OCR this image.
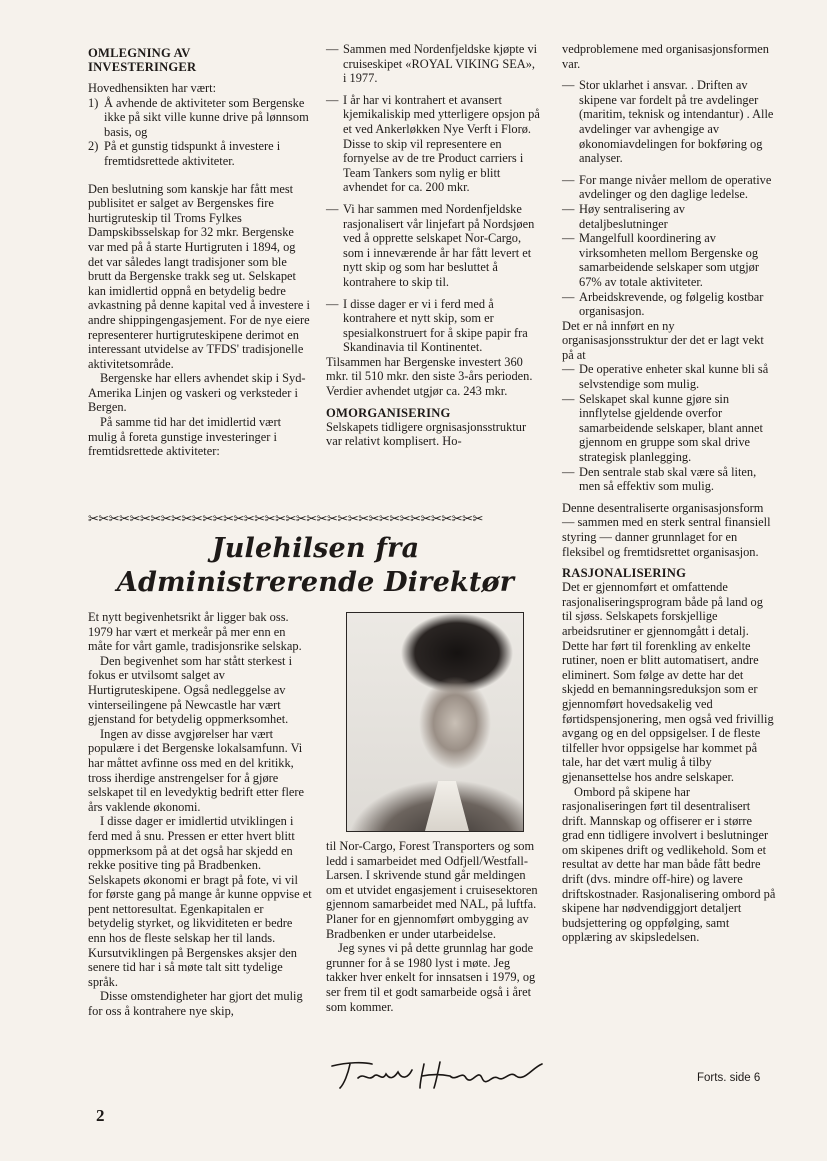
OMLEGNING AV

INVESTERINGER

Hovedhensikten har vært:

1) Å avhende de aktiviteter som Bergenske ikke på sikt ville kunne drive på lønnsom basis, og
2) På et gunstig tidspunkt å investere i fremtidsrettede aktiviteter.

Den beslutning som kanskje har fått mest publisitet er salget av Bergenskes fire hurtigruteskip til Troms Fylkes Dampskibsselskap for 32 mkr. Bergenske var med på å starte Hurtigruten i 1894, og det var således langt tradisjoner som ble brutt da Bergenske trakk seg ut. Selskapet kan imidlertid oppnå en betydelig bedre avkastning på denne kapital ved å investere i andre shippingengasjement. For de nye eiere representerer hurtigruteskipene derimot en interessant utvidelse av TFDS' tradisjonelle aktivitetsområde.

Bergenske har ellers avhendet skip i Syd-Amerika Linjen og vaskeri og verksteder i Bergen.

På samme tid har det imidlertid vært mulig å foreta gunstige investeringer i fremtidsrettede aktiviteter:

— Sammen med Nordenfjeldske kjøpte vi cruiseskipet «ROYAL VIKING SEA», i 1977.
— I år har vi kontrahert et avansert kjemikaliskip med ytterligere opsjon på et ved Ankerløkken Nye Verft i Florø. Disse to skip vil representere en fornyelse av de tre Product carriers i Team Tankers som nylig er blitt avhendet for ca. 200 mkr.
— Vi har sammen med Nordenfjeldske rasjonalisert vår linjefart på Nordsjøen ved å opprette selskapet Nor-Cargo, som i inneværende år har fått levert et nytt skip og som har besluttet å kontrahere to skip til.
— I disse dager er vi i ferd med å kontrahere et nytt skip, som er spesialkonstruert for å skipe papir fra Skandinavia til Kontinentet.

Tilsammen har Bergenske investert 360 mkr. til 510 mkr. den siste 3-års perioden. Verdier avhendet utgjør ca. 243 mkr.

OMORGANISERING

Selskapets tidligere orgnisasjonsstruktur var relativt komplisert. Ho-

vedproblemene med organisasjonsformen var.

— Stor uklarhet i ansvar. . Driften av skipene var fordelt på tre avdelinger (maritim, teknisk og intendantur) . Alle avdelinger var avhengige av økonomiavdelingen for bokføring og analyser.
— For mange nivåer mellom de operative avdelinger og den daglige ledelse.
— Høy sentralisering av detaljbeslutninger
— Mangelfull koordinering av virksomheten mellom Bergenske og samarbeidende selskaper som utgjør 67% av totale aktiviteter.
— Arbeidskrevende, og følgelig kostbar organisasjon.

Det er nå innført en ny organisasjonsstruktur der det er lagt vekt på at

— De operative enheter skal kunne bli så selvstendige som mulig.
— Selskapet skal kunne gjøre sin innflytelse gjeldende overfor samarbeidende selskaper, blant annet gjennom en gruppe som skal drive strategisk planlegging.
— Den sentrale stab skal være så liten, men så effektiv som mulig.

Denne desentraliserte organisasjonsform — sammen med en sterk sentral finansiell styring — danner grunnlaget for en fleksibel og fremtidsrettet organisasjon.

RASJONALISERING

Det er gjennomført et omfattende rasjonaliseringsprogram både på land og til sjøss. Selskapets forskjellige arbeidsrutiner er gjennomgått i detalj. Dette har ført til forenkling av enkelte rutiner, noen er blitt automatisert, andre eliminert. Som følge av dette har det skjedd en bemanningsreduksjon som er gjennomført hovedsakelig ved førtidspensjonering, men også ved frivillig avgang og en del oppsigelser. I de fleste tilfeller hvor oppsigelse har kommet på tale, har det vært mulig å tilby gjenansettelse hos andre selskaper.

Ombord på skipene har rasjonaliseringen ført til desentralisert drift. Mannskap og offiserer er i større grad enn tidligere involvert i beslutninger om skipenes drift og vedlikehold. Som et resultat av dette har man både fått bedre drift (dvs. mindre off-hire) og lavere driftskostnader. Rasjonalisering ombord på skipene har nødvendiggjort detaljert budsjettering og oppfølging, samt opplæring av skipsledelsen.

✂✂✂✂✂✂✂✂✂✂✂✂✂✂✂✂✂✂✂✂✂✂✂✂✂✂✂✂✂✂✂✂✂✂✂✂✂✂
Julehilsen fra
Administrerende Direktør

Et nytt begivenhetsrikt år ligger bak oss. 1979 har vært et merkeår på mer enn en måte for vårt gamle, tradisjonsrike selskap.

Den begivenhet som har stått sterkest i fokus er utvilsomt salget av Hurtigruteskipene. Også nedleggelse av vinterseilingene på Newcastle har vært gjenstand for betydelig oppmerksomhet.

Ingen av disse avgjørelser har vært populære i det Bergenske lokalsamfunn. Vi har måttet avfinne oss med en del kritikk, tross iherdige anstrengelser for å gjøre selskapet til en levedyktig bedrift etter flere års vaklende økonomi.

I disse dager er imidlertid utviklingen i ferd med å snu. Pressen er etter hvert blitt oppmerksom på at det også har skjedd en rekke positive ting på Bradbenken. Selskapets økonomi er bragt på fote, vi vil for første gang på mange år kunne oppvise et pent nettoresultat. Egenkapitalen er betydelig styrket, og likviditeten er bedre enn hos de fleste selskap her til lands. Kursutviklingen på Bergenskes aksjer den senere tid har i så møte talt sitt tydelige språk.

Disse omstendigheter har gjort det mulig for oss å kontrahere nye skip,

til Nor-Cargo, Forest Transporters og som ledd i samarbeidet med Odfjell/Westfall-Larsen. I skrivende stund går meldingen om et utvidet engasjement i cruisesektoren gjennom samarbeidet med NAL, på luftfa. Planer for en gjennomført ombygging av Bradbenken er under utarbeidelse.

Jeg synes vi på dette grunnlag har gode grunner for å se 1980 lyst i møte. Jeg takker hver enkelt for innsatsen i 1979, og ser frem til et godt samarbeide også i året som kommer.

2
Forts. side 6
